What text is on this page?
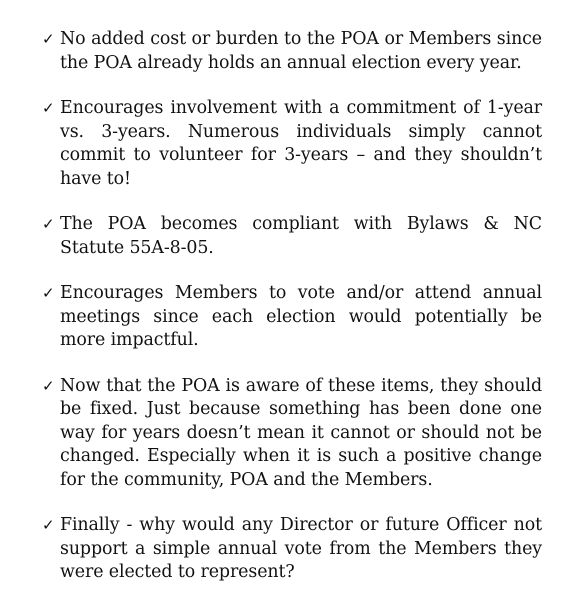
✓ No added cost or burden to the POA or Members since the POA already holds an annual election every year.
✓ Encourages involvement with a commitment of 1-year vs. 3-years. Numerous individuals simply cannot commit to volunteer for 3-years – and they shouldn’t have to!
✓ The POA becomes compliant with Bylaws & NC Statute 55A-8-05.
✓ Encourages Members to vote and/or attend annual meetings since each election would potentially be more impactful.
✓ Now that the POA is aware of these items, they should be fixed. Just because something has been done one way for years doesn’t mean it cannot or should not be changed. Especially when it is such a positive change for the community, POA and the Members.
✓ Finally - why would any Director or future Officer not support a simple annual vote from the Members they were elected to represent?
